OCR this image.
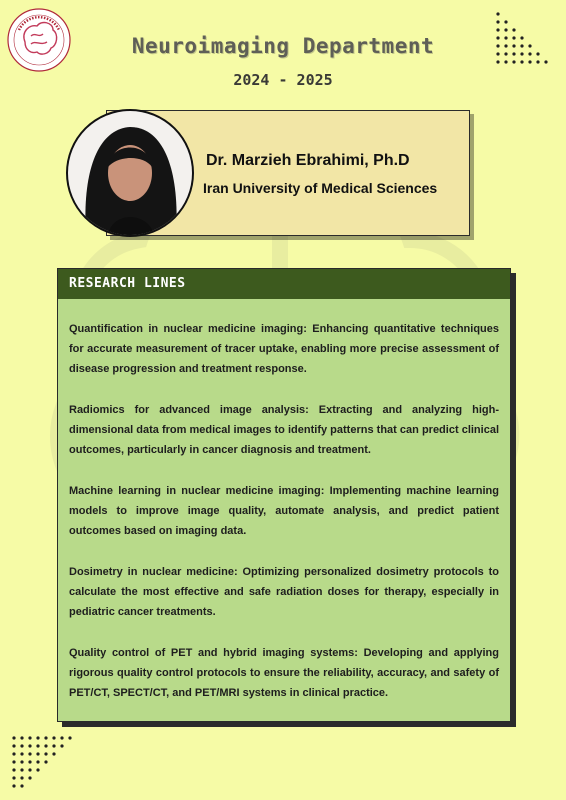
Neuroimaging Department
2024 - 2025
Dr. Marzieh Ebrahimi, Ph.D
Iran University of Medical Sciences
RESEARCH LINES

Quantification in nuclear medicine imaging: Enhancing quantitative techniques for accurate measurement of tracer uptake, enabling more precise assessment of disease progression and treatment response.

Radiomics for advanced image analysis: Extracting and analyzing high-dimensional data from medical images to identify patterns that can predict clinical outcomes, particularly in cancer diagnosis and treatment.

Machine learning in nuclear medicine imaging: Implementing machine learning models to improve image quality, automate analysis, and predict patient outcomes based on imaging data.

Dosimetry in nuclear medicine: Optimizing personalized dosimetry protocols to calculate the most effective and safe radiation doses for therapy, especially in pediatric cancer treatments.

Quality control of PET and hybrid imaging systems: Developing and applying rigorous quality control protocols to ensure the reliability, accuracy, and safety of PET/CT, SPECT/CT, and PET/MRI systems in clinical practice.
